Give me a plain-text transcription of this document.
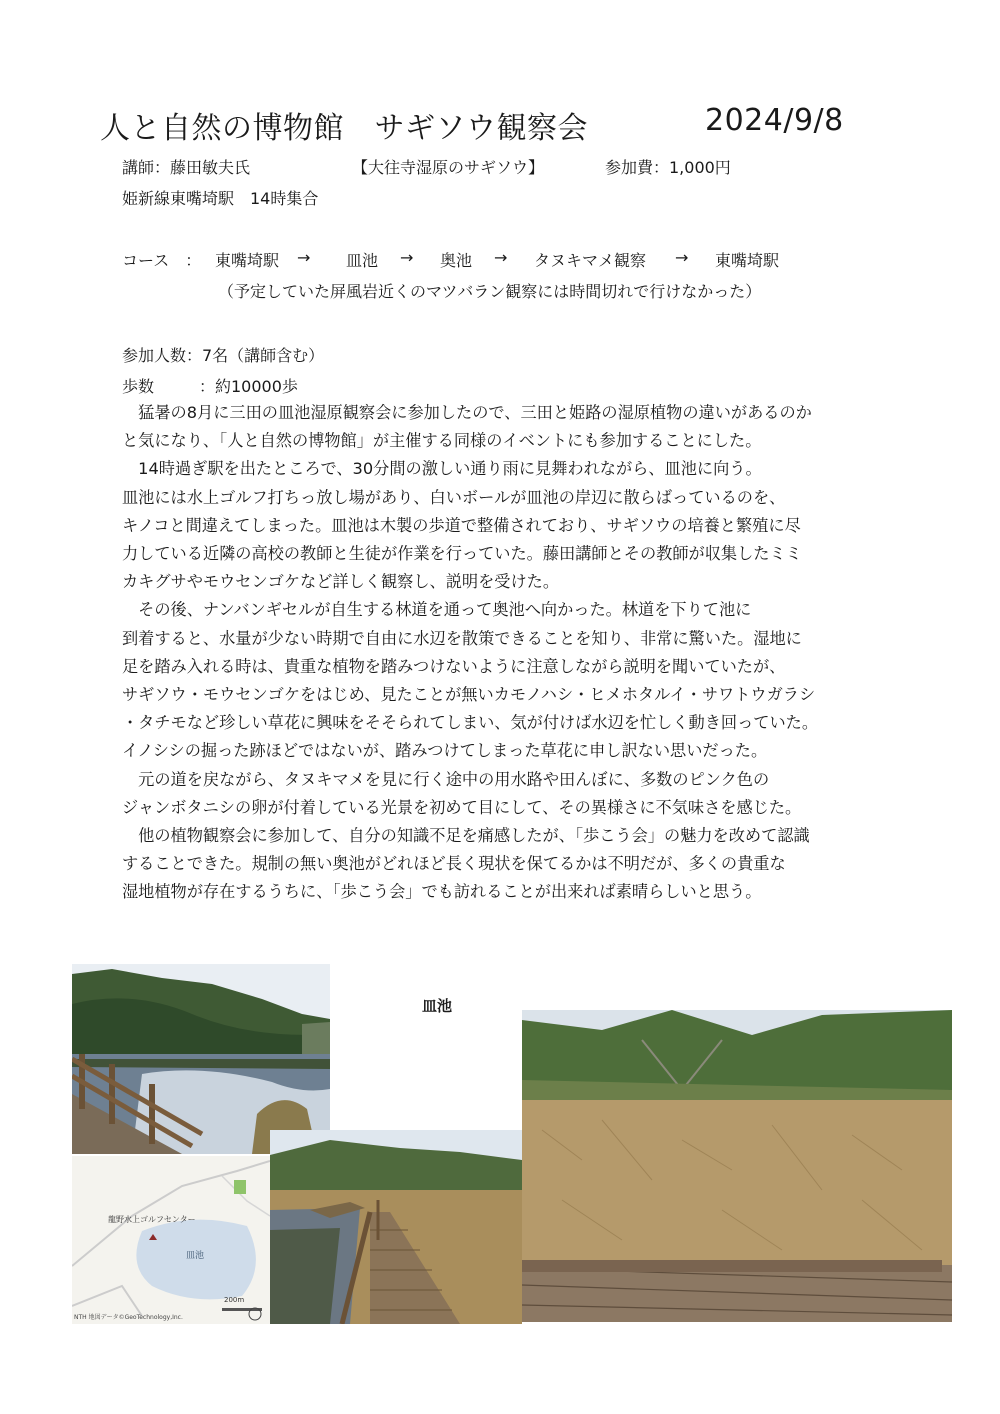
人と自然の博物館　サギソウ観察会	2024/9/8
講師：藤田敏夫氏	【大往寺湿原のサギソウ】	参加費：1,000円
姫新線東嘴埼駅　14時集合
コース　： 東嘴埼駅 → 皿池 → 奥池 → タヌキマメ観察 → 東嘴埼駅
（予定していた屏風岩近くのマツバラン観察には時間切れで行けなかった）
参加人数：7名（講師含む）
歩数	：約10000歩

　猛暑の8月に三田の皿池湿原観察会に参加したので、三田と姫路の湿原植物の違いがあるのか

と気になり、「人と自然の博物館」が主催する同様のイベントにも参加することにした。

　14時過ぎ駅を出たところで、30分間の激しい通り雨に見舞われながら、皿池に向う。

皿池には水上ゴルフ打ちっ放し場があり、白いボールが皿池の岸辺に散らばっているのを、

キノコと間違えてしまった。皿池は木製の歩道で整備されており、サギソウの培養と繁殖に尽

力している近隣の高校の教師と生徒が作業を行っていた。藤田講師とその教師が収集したミミ

カキグサやモウセンゴケなど詳しく観察し、説明を受けた。

　その後、ナンバンギセルが自生する林道を通って奥池へ向かった。林道を下りて池に

到着すると、水量が少ない時期で自由に水辺を散策できることを知り、非常に驚いた。湿地に

足を踏み入れる時は、貴重な植物を踏みつけないように注意しながら説明を聞いていたが、

サギソウ・モウセンゴケをはじめ、見たことが無いカモノハシ・ヒメホタルイ・サワトウガラシ

・タチモなど珍しい草花に興味をそそられてしまい、気が付けば水辺を忙しく動き回っていた。

イノシシの掘った跡ほどではないが、踏みつけてしまった草花に申し訳ない思いだった。

　元の道を戻ながら、タヌキマメを見に行く途中の用水路や田んぼに、多数のピンク色の

ジャンボタニシの卵が付着している光景を初めて目にして、その異様さに不気味さを感じた。

　他の植物観察会に参加して、自分の知識不足を痛感したが、「歩こう会」の魅力を改めて認識

することできた。規制の無い奥池がどれほど長く現状を保てるかは不明だが、多くの貴重な

湿地植物が存在するうちに、「歩こう会」でも訪れることが出来れば素晴らしいと思う。

皿池
龍野水上ゴルフセンター
皿池
200m
NTH 地図データ©GeoTechnology,Inc.
